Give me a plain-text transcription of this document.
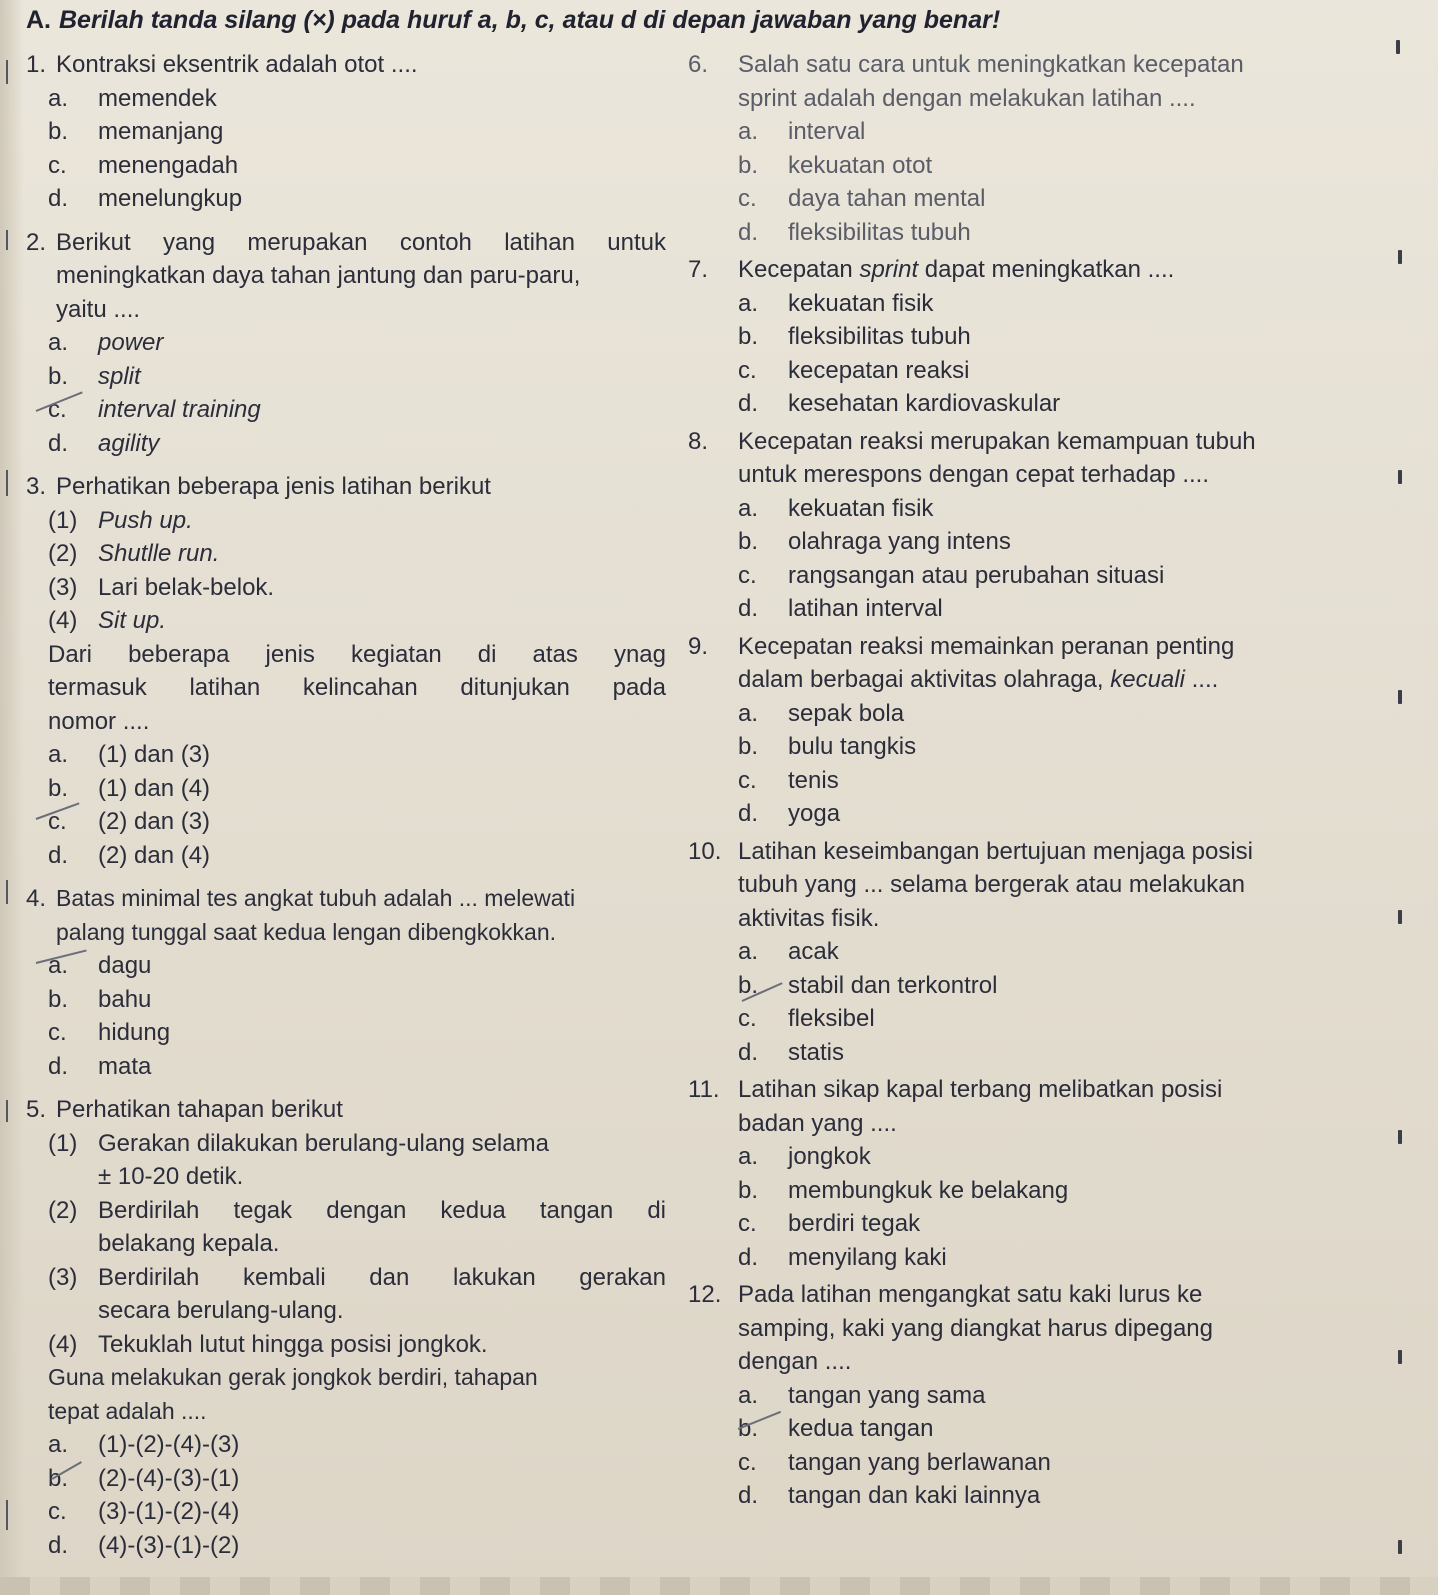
A. Berilah tanda silang (×) pada huruf a, b, c, atau d di depan jawaban yang benar!
1. Kontraksi eksentrik adalah otot ....
a.	memendek
b.	memanjang
c.	menengadah
d.	menelungkup
2. Berikut yang merupakan contoh latihan untuk
meningkatkan daya tahan jantung dan paru-paru,
yaitu ....
a.	power
b.	split
c.	interval training
d.	agility
3. Perhatikan beberapa jenis latihan berikut
(1) Push up.
(2) Shutlle run.
(3) Lari belak-belok.
(4) Sit up.
Dari beberapa jenis kegiatan di atas ynag
termasuk latihan kelincahan ditunjukan pada
nomor ....
a.	(1) dan (3)
b.	(1) dan (4)
c.	(2) dan (3)
d.	(2) dan (4)
4. Batas minimal tes angkat tubuh adalah ... melewati
palang tunggal saat kedua lengan dibengkokkan.
a.	dagu
b.	bahu
c.	hidung
d.	mata
5. Perhatikan tahapan berikut
(1) Gerakan dilakukan berulang-ulang selama
± 10-20 detik.
(2) Berdirilah tegak dengan kedua tangan di
belakang kepala.
(3) Berdirilah kembali dan lakukan gerakan
secara berulang-ulang.
(4) Tekuklah lutut hingga posisi jongkok.
Guna melakukan gerak jongkok berdiri, tahapan
tepat adalah ....
a.	(1)-(2)-(4)-(3)
b.	(2)-(4)-(3)-(1)
c.	(3)-(1)-(2)-(4)
d.	(4)-(3)-(1)-(2)
6.	Salah satu cara untuk meningkatkan kecepatan
sprint adalah dengan melakukan latihan ....
a.	interval
b.	kekuatan otot
c.	daya tahan mental
d.	fleksibilitas tubuh
7.	Kecepatan sprint dapat meningkatkan ....
a.	kekuatan fisik
b.	fleksibilitas tubuh
c.	kecepatan reaksi
d.	kesehatan kardiovaskular
8.	Kecepatan reaksi merupakan kemampuan tubuh
untuk merespons dengan cepat terhadap ....
a.	kekuatan fisik
b.	olahraga yang intens
c.	rangsangan atau perubahan situasi
d.	latihan interval
9.	Kecepatan reaksi memainkan peranan penting
dalam berbagai aktivitas olahraga, kecuali ....
a.	sepak bola
b.	bulu tangkis
c.	tenis
d.	yoga
10. Latihan keseimbangan bertujuan menjaga posisi
tubuh yang ... selama bergerak atau melakukan
aktivitas fisik.
a.	acak
b.	stabil dan terkontrol
c.	fleksibel
d.	statis
11. Latihan sikap kapal terbang melibatkan posisi
badan yang ....
a.	jongkok
b.	membungkuk ke belakang
c.	berdiri tegak
d.	menyilang kaki
12. Pada latihan mengangkat satu kaki lurus ke
samping, kaki yang diangkat harus dipegang
dengan ....
a.	tangan yang sama
b.	kedua tangan
c.	tangan yang berlawanan
d.	tangan dan kaki lainnya
